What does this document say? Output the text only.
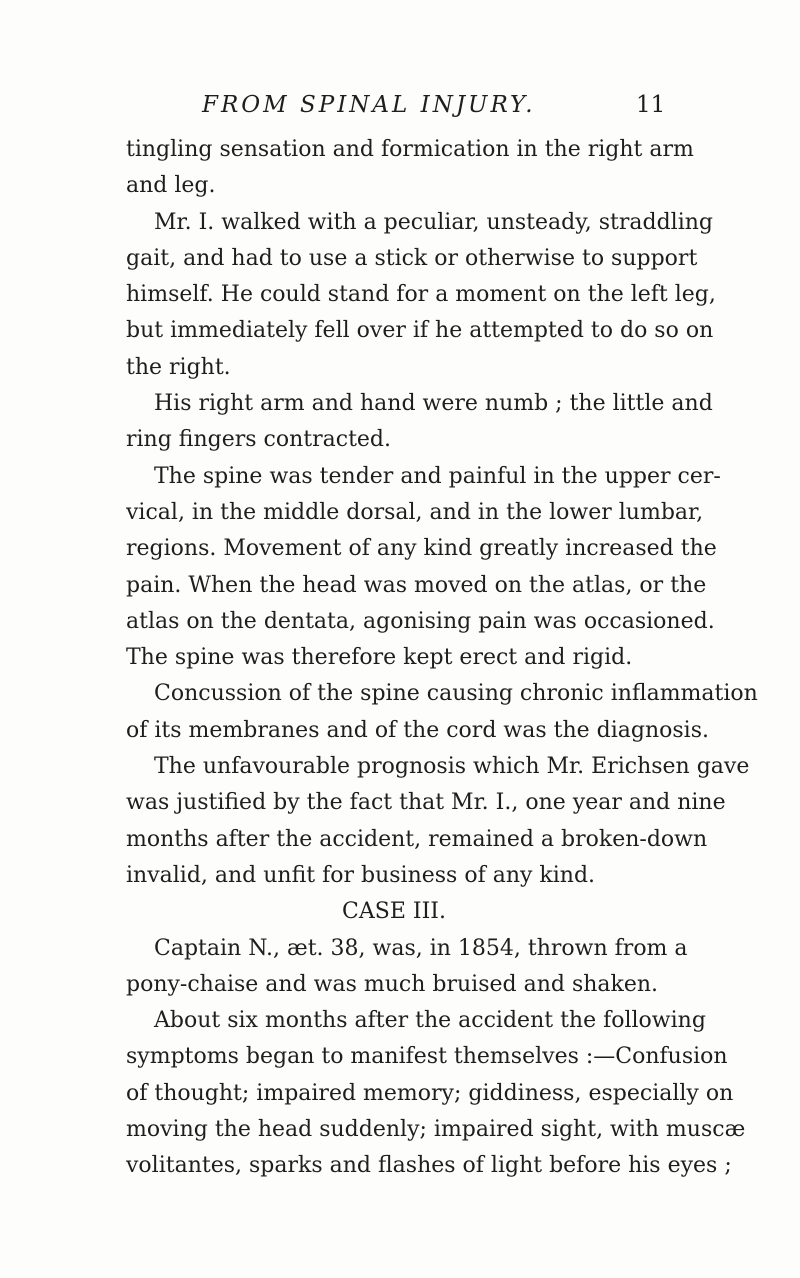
FROM SPINAL INJURY.	11
tingling sensation and formication in the right arm
and leg.
Mr. I. walked with a peculiar, unsteady, straddling
gait, and had to use a stick or otherwise to support
himself. He could stand for a moment on the left leg,
but immediately fell over if he attempted to do so on
the right.
His right arm and hand were numb ; the little and
ring fingers contracted.
The spine was tender and painful in the upper cer-
vical, in the middle dorsal, and in the lower lumbar,
regions. Movement of any kind greatly increased the
pain. When the head was moved on the atlas, or the
atlas on the dentata, agonising pain was occasioned.
The spine was therefore kept erect and rigid.
Concussion of the spine causing chronic inflammation
of its membranes and of the cord was the diagnosis.
The unfavourable prognosis which Mr. Erichsen gave
was justified by the fact that Mr. I., one year and nine
months after the accident, remained a broken-down
invalid, and unfit for business of any kind.
CASE III.
Captain N., æt. 38, was, in 1854, thrown from a
pony-chaise and was much bruised and shaken.
About six months after the accident the following
symptoms began to manifest themselves :—Confusion
of thought; impaired memory; giddiness, especially on
moving the head suddenly; impaired sight, with muscæ
volitantes, sparks and flashes of light before his eyes ;
